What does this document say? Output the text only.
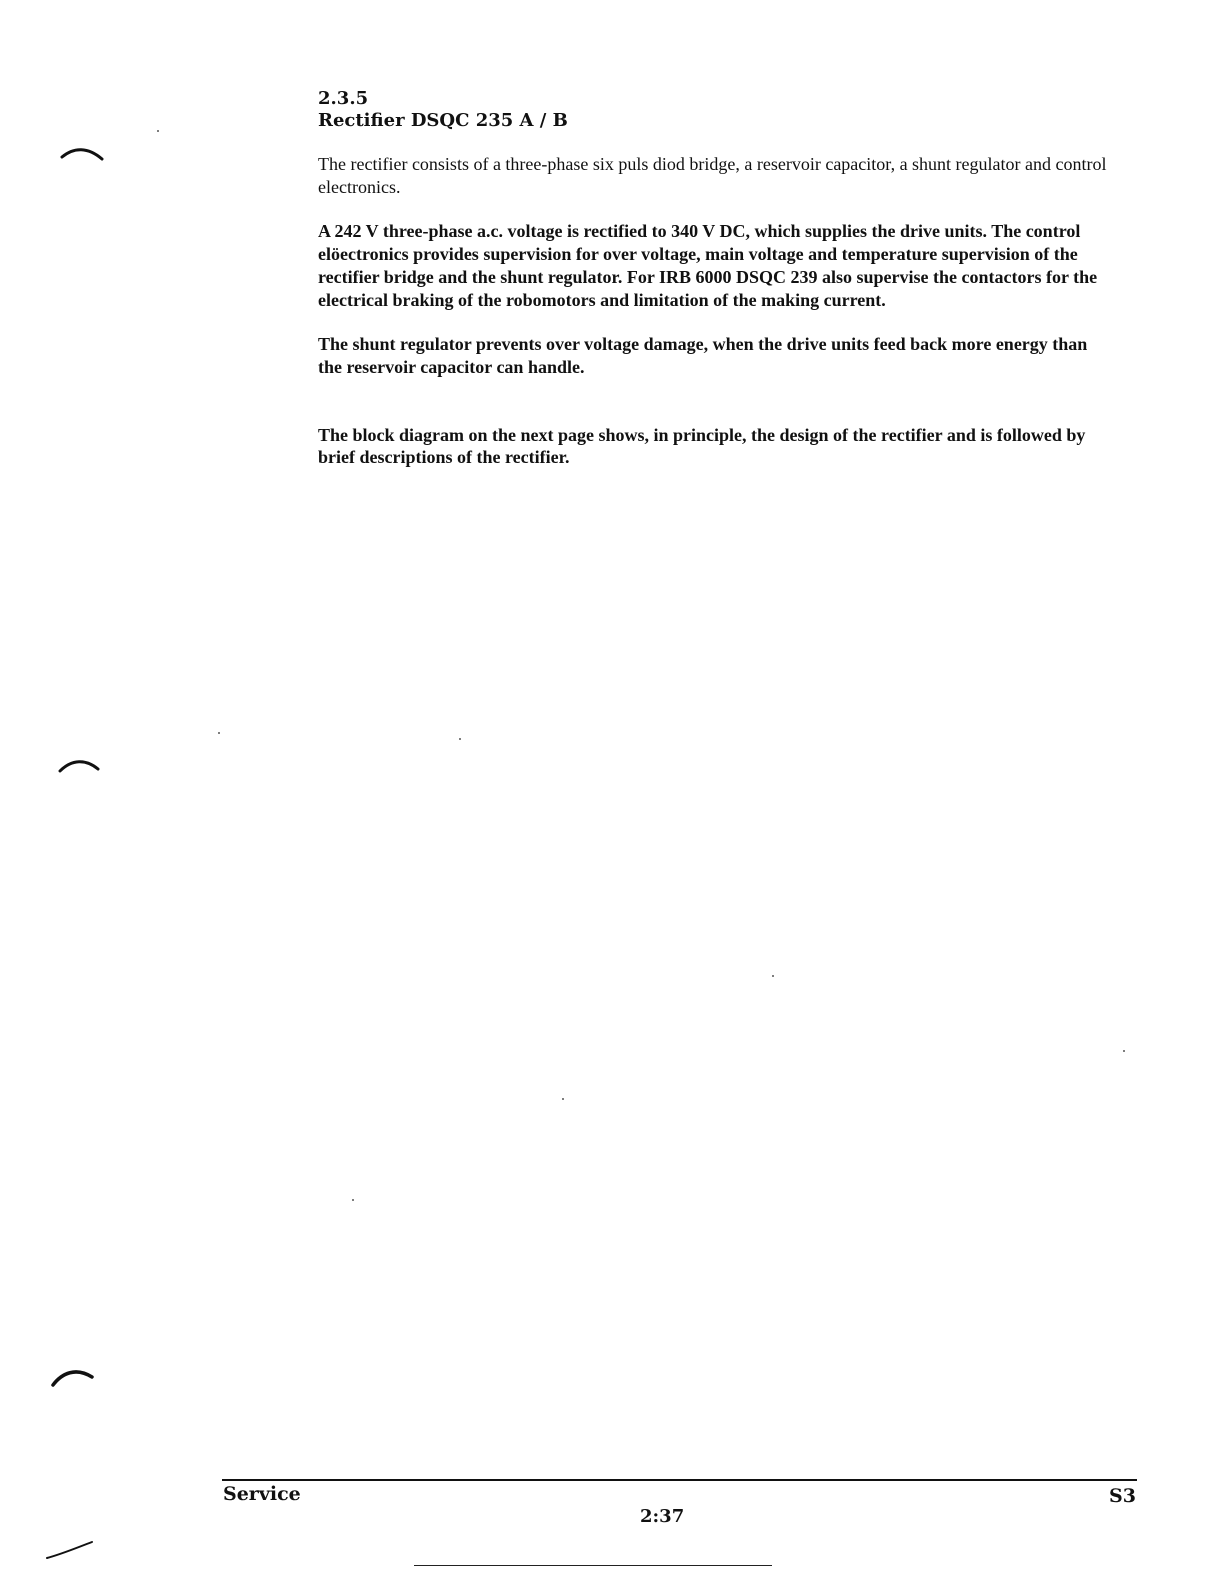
2.3.5
Rectifier DSQC 235 A / B

The rectifier consists of a three-phase six puls diod bridge, a reservoir capacitor, a shunt regulator and control electronics.

A 242 V three-phase a.c. voltage is rectified to 340 V DC, which supplies the drive units. The control elöectronics provides supervision for over voltage, main voltage and temperature supervision of the rectifier bridge and the shunt regulator. For IRB 6000 DSQC 239 also supervise the contactors for the electrical braking of the robomotors and limitation of the making current.

The shunt regulator prevents over voltage damage, when the drive units feed back more energy than the reservoir capacitor can handle.

The block diagram on the next page shows, in principle, the design of the rectifier and is followed by brief descriptions of the rectifier.

Service	S3
2:37
